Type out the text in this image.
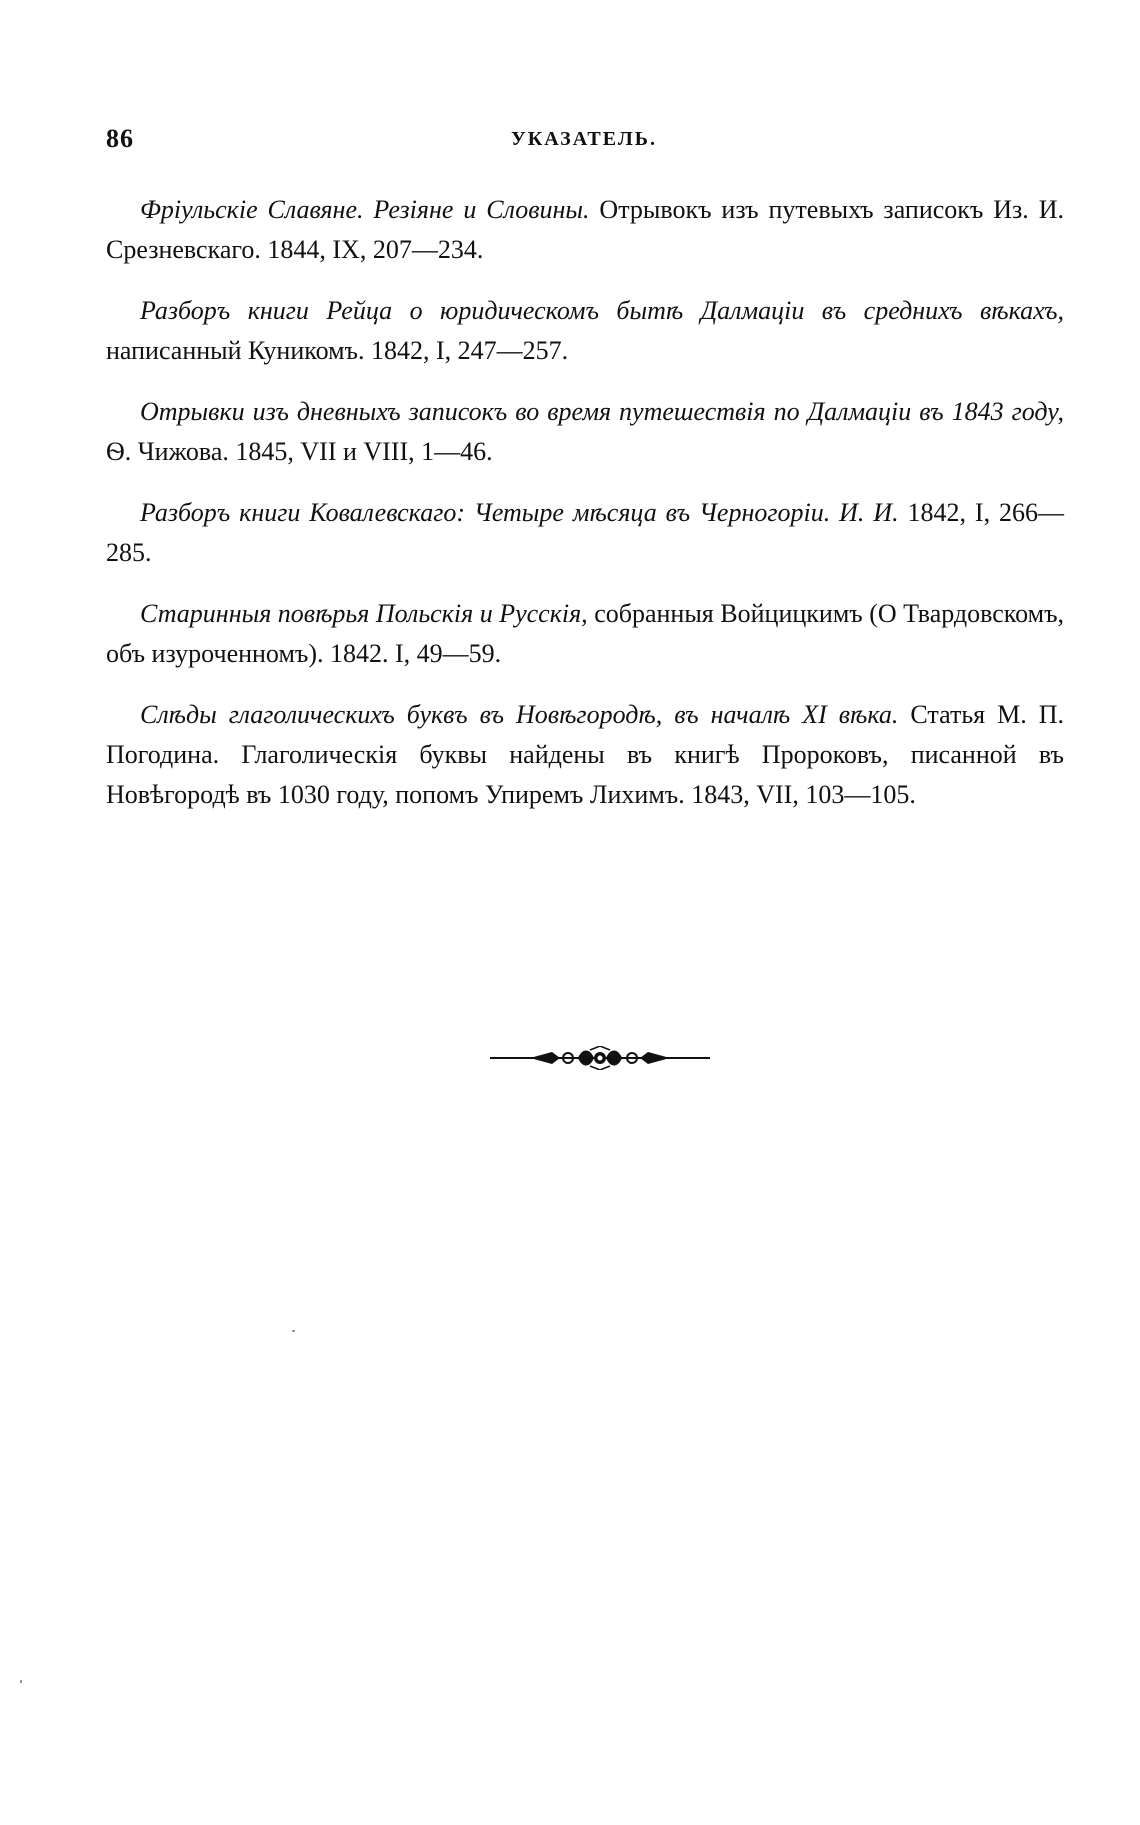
86	УКАЗАТЕЛЬ.

Фріульскіе Славяне. Резіяне и Словины. Отрывокъ изъ путевыхъ записокъ Из. И. Срезневскаго. 1844, IX, 207—234.

Разборъ книги Рейца о юридическомъ бытѣ Далмаціи въ среднихъ вѣкахъ, написанный Куникомъ. 1842, I, 247—257.

Отрывки изъ дневныхъ записокъ во время путешествія по Далмаціи въ 1843 году, Ѳ. Чижова. 1845, VII и VIII, 1—46.

Разборъ книги Ковалевскаго: Четыре мѣсяца въ Черногоріи. И. И. 1842, I, 266—285.

Старинныя повѣрья Польскія и Русскія, собранныя Войцицкимъ (О Твардовскомъ, объ изуроченномъ). 1842. I, 49—59.

Слѣды глаголическихъ буквъ въ Новѣгородѣ, въ началѣ XI вѣка. Статья М. П. Погодина. Глаголическія буквы найдены въ книгѣ Пророковъ, писанной въ Новѣгородѣ въ 1030 году, попомъ Упиремъ Лихимъ. 1843, VII, 103—105.
